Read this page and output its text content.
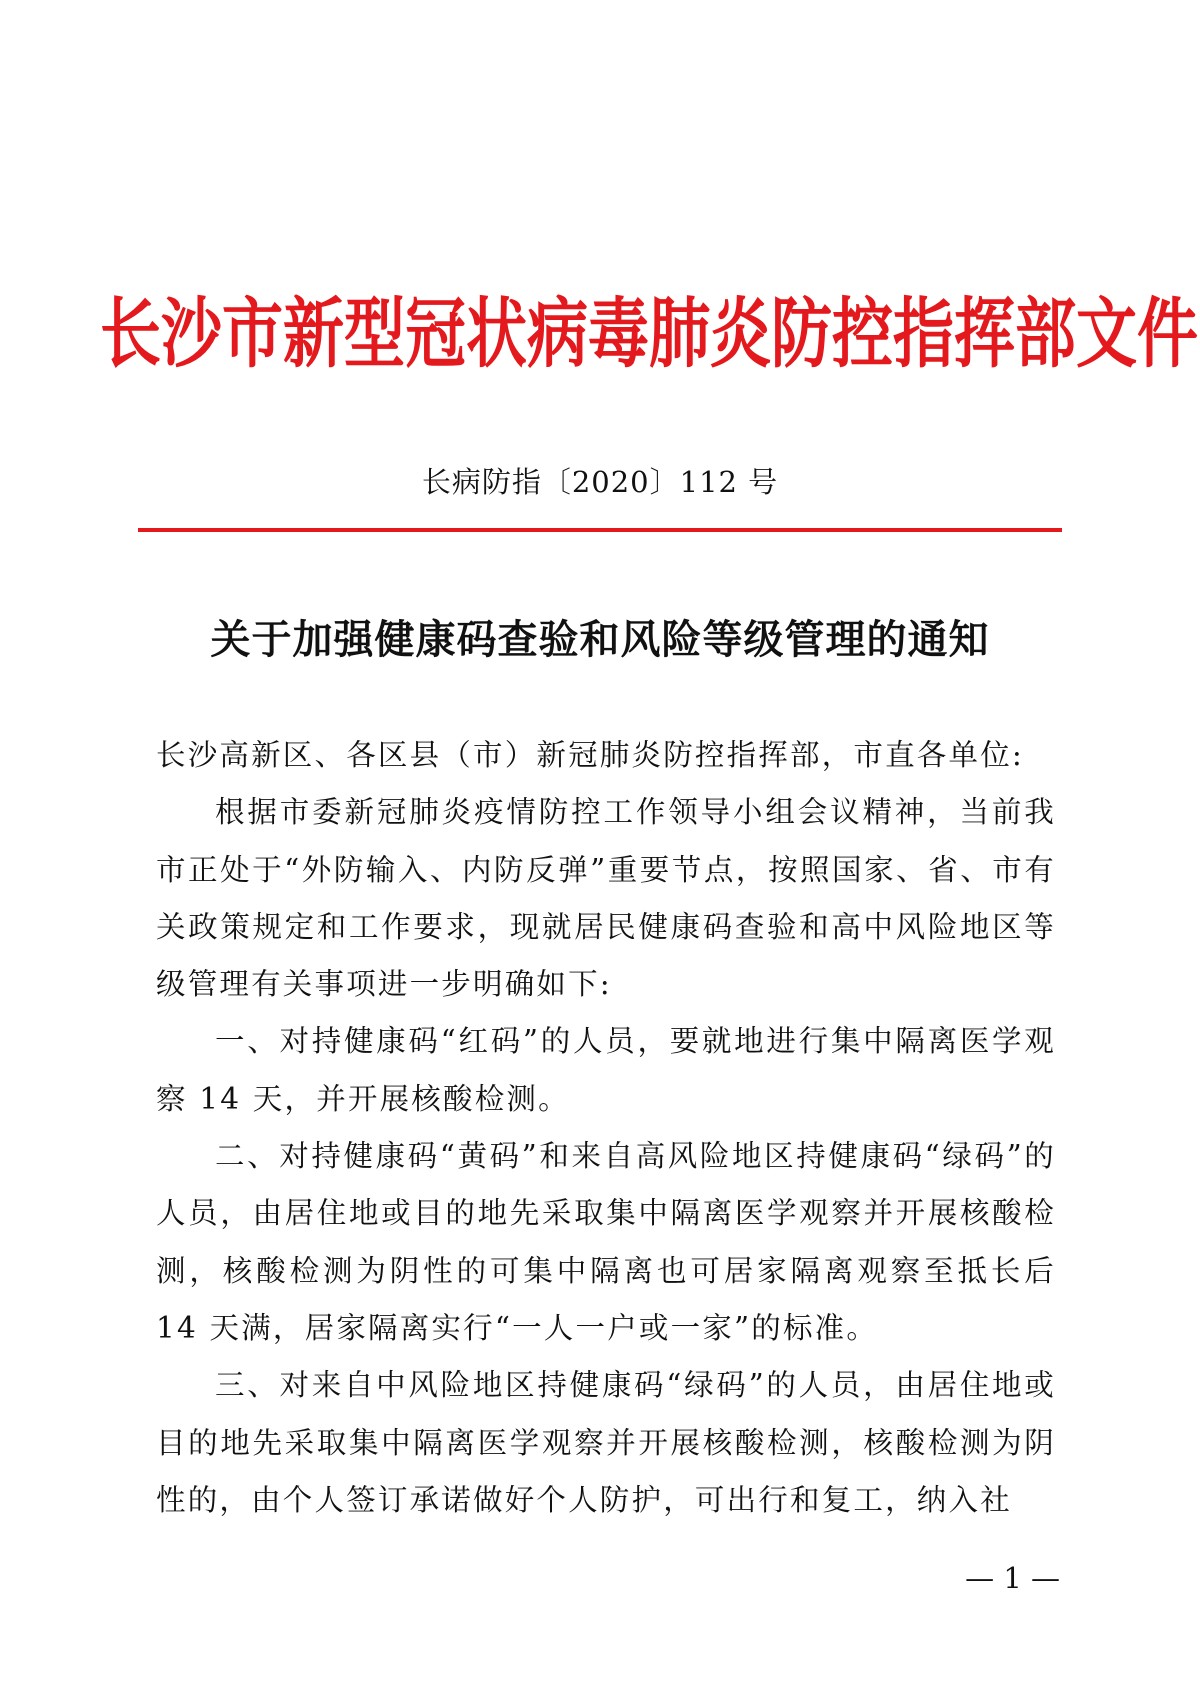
长沙市新型冠状病毒肺炎防控指挥部文件
长病防指〔2020〕112 号
关于加强健康码查验和风险等级管理的通知

长沙高新区、各区县（市）新冠肺炎防控指挥部，市直各单位:

根据市委新冠肺炎疫情防控工作领导小组会议精神，当前我市正处于“外防输入、内防反弹”重要节点，按照国家、省、市有关政策规定和工作要求，现就居民健康码查验和高中风险地区等级管理有关事项进一步明确如下:

一、对持健康码“红码”的人员，要就地进行集中隔离医学观察 14 天，并开展核酸检测。

二、对持健康码“黄码”和来自高风险地区持健康码“绿码”的人员，由居住地或目的地先采取集中隔离医学观察并开展核酸检测，核酸检测为阴性的可集中隔离也可居家隔离观察至抵长后 14 天满，居家隔离实行“一人一户或一家”的标准。

三、对来自中风险地区持健康码“绿码”的人员，由居住地或目的地先采取集中隔离医学观察并开展核酸检测，核酸检测为阴性的，由个人签订承诺做好个人防护，可出行和复工，纳入社

— 1 —
